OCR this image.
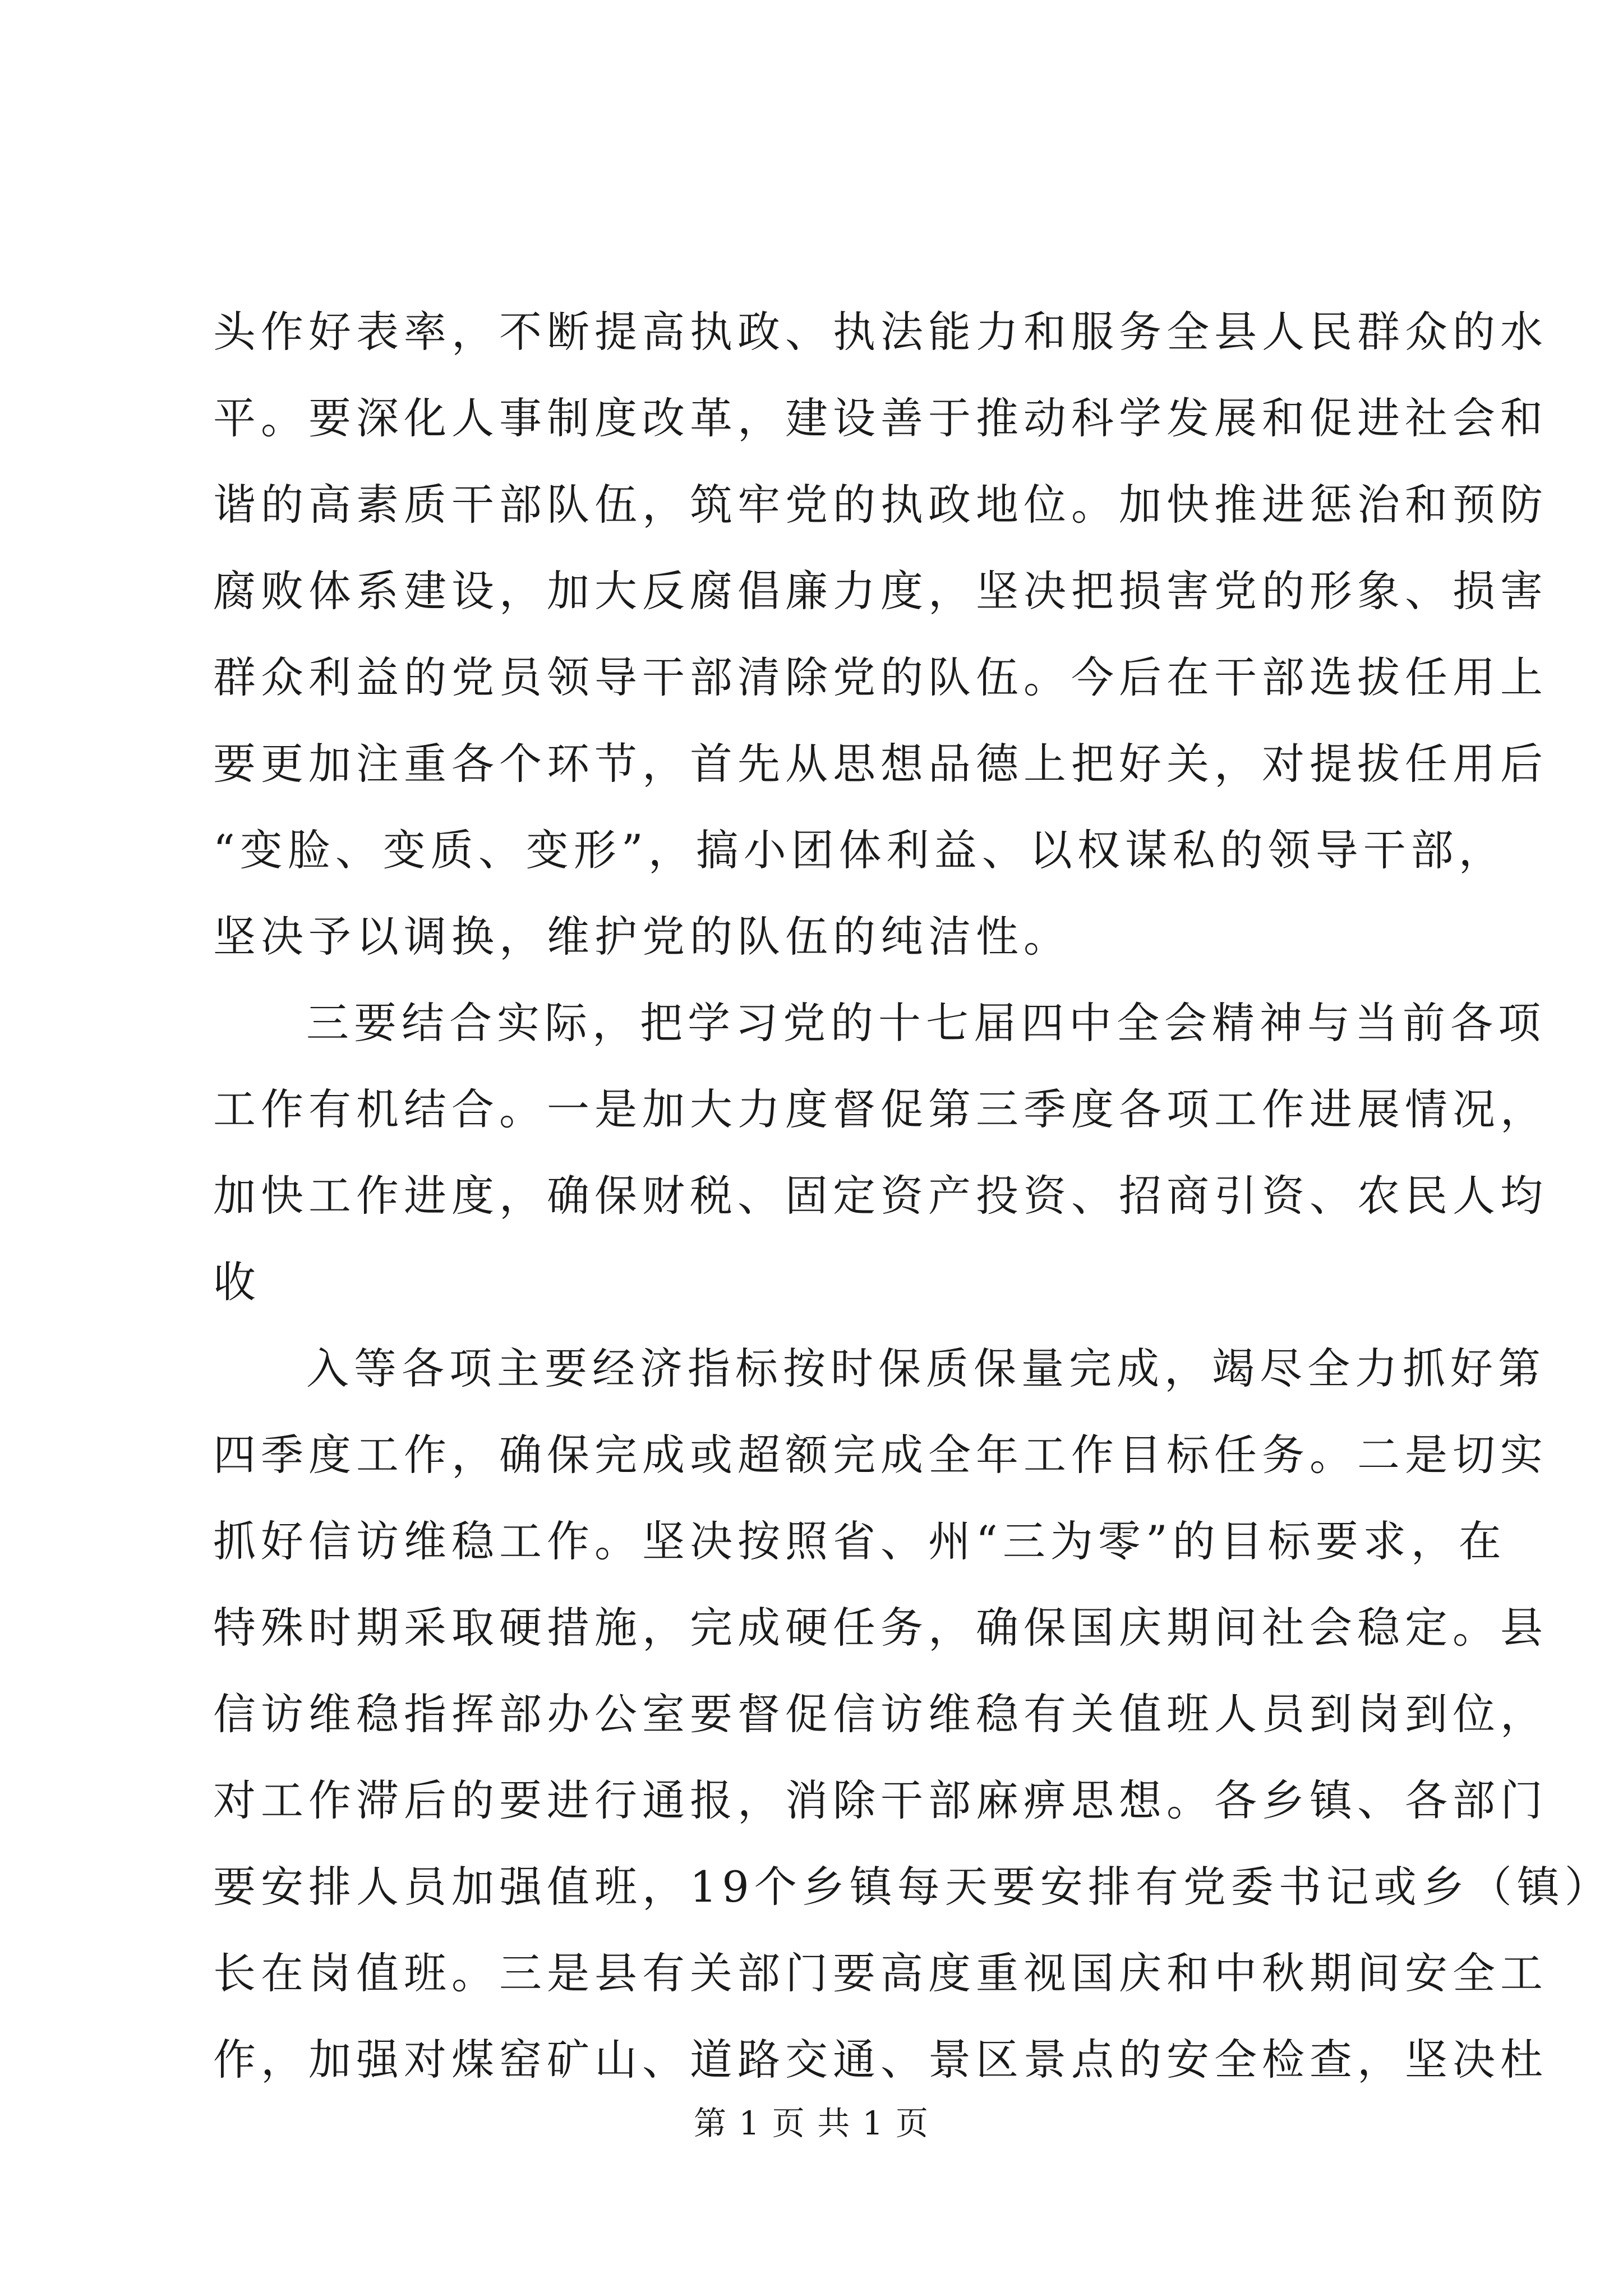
头作好表率，不断提高执政、执法能力和服务全县人民群众的水
平。要深化人事制度改革，建设善于推动科学发展和促进社会和
谐的高素质干部队伍，筑牢党的执政地位。加快推进惩治和预防
腐败体系建设，加大反腐倡廉力度，坚决把损害党的形象、损害
群众利益的党员领导干部清除党的队伍。今后在干部选拔任用上
要更加注重各个环节，首先从思想品德上把好关，对提拔任用后
“变脸、变质、变形”，搞小团体利益、以权谋私的领导干部，
坚决予以调换，维护党的队伍的纯洁性。
三要结合实际，把学习党的十七届四中全会精神与当前各项
工作有机结合。一是加大力度督促第三季度各项工作进展情况，
加快工作进度，确保财税、固定资产投资、招商引资、农民人均
收
入等各项主要经济指标按时保质保量完成，竭尽全力抓好第
四季度工作，确保完成或超额完成全年工作目标任务。二是切实
抓好信访维稳工作。坚决按照省、州“三为零”的目标要求，在
特殊时期采取硬措施，完成硬任务，确保国庆期间社会稳定。县
信访维稳指挥部办公室要督促信访维稳有关值班人员到岗到位，
对工作滞后的要进行通报，消除干部麻痹思想。各乡镇、各部门
要安排人员加强值班，19个乡镇每天要安排有党委书记或乡（镇）
长在岗值班。三是县有关部门要高度重视国庆和中秋期间安全工
作，加强对煤窑矿山、道路交通、景区景点的安全检查，坚决杜
第 1 页 共 1 页
